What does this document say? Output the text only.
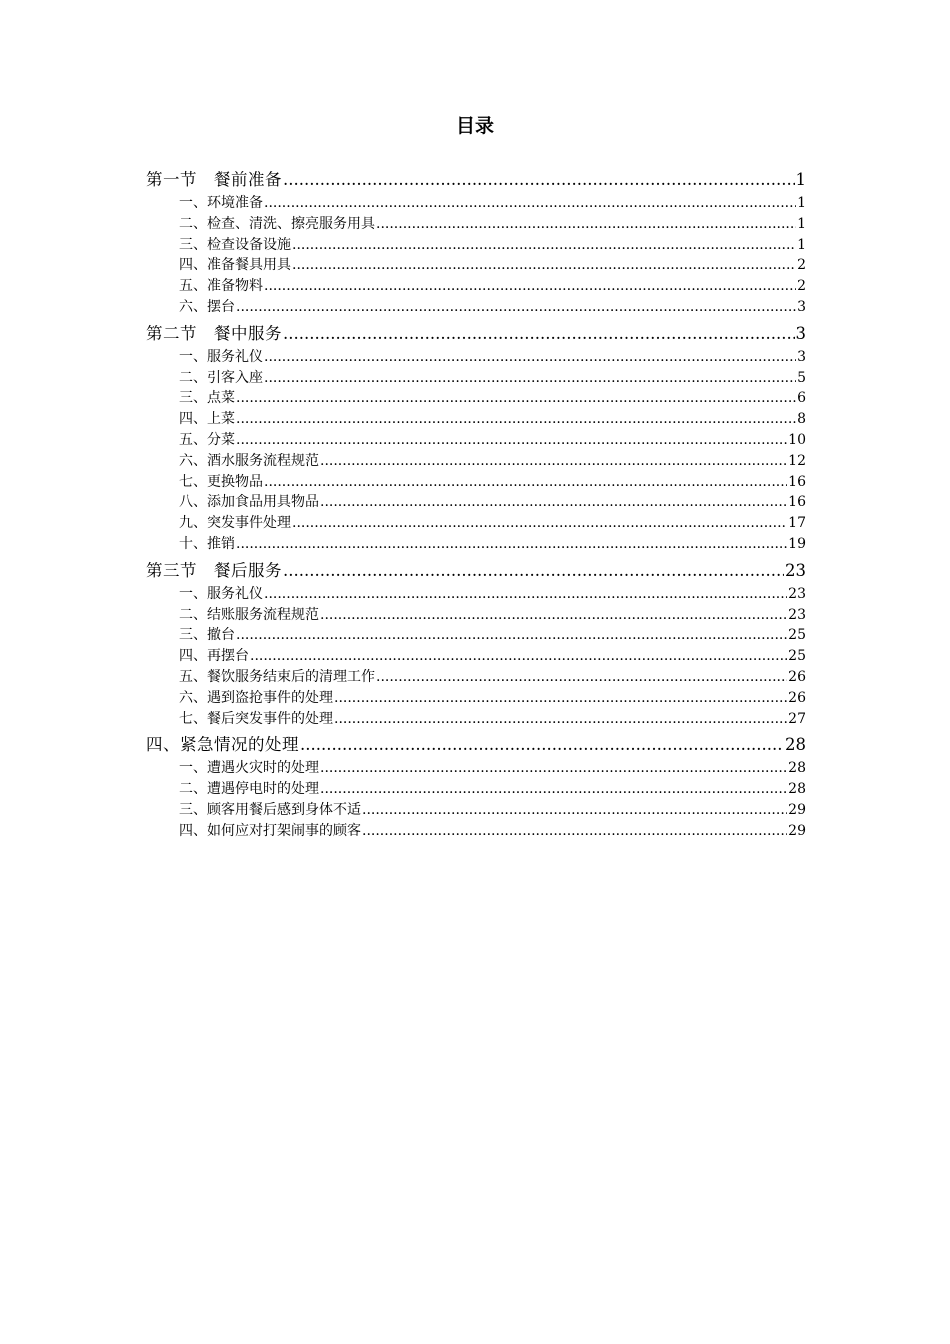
目录
第一节　餐前准备 .....	1
一、环境准备 .....	1
二、检查、清洗、擦亮服务用具 .....	1
三、检查设备设施 .....	1
四、准备餐具用具 .....	2
五、准备物料 .....	2
六、摆台 .....	3
第二节　餐中服务 .....	3
一、服务礼仪 .....	3
二、引客入座 .....	5
三、点菜 .....	6
四、上菜 .....	8
五、分菜 .....	10
六、酒水服务流程规范 .....	12
七、更换物品 .....	16
八、添加食品用具物品 .....	16
九、突发事件处理 .....	17
十、推销 .....	19
第三节　餐后服务 .....	23
一、服务礼仪 .....	23
二、结账服务流程规范 .....	23
三、撤台 .....	25
四、再摆台 .....	25
五、餐饮服务结束后的清理工作 .....	26
六、遇到盗抢事件的处理 .....	26
七、餐后突发事件的处理 .....	27
四、紧急情况的处理 .....	28
一、遭遇火灾时的处理 .....	28
二、遭遇停电时的处理 .....	28
三、顾客用餐后感到身体不适 .....	29
四、如何应对打架闹事的顾客 .....	29
